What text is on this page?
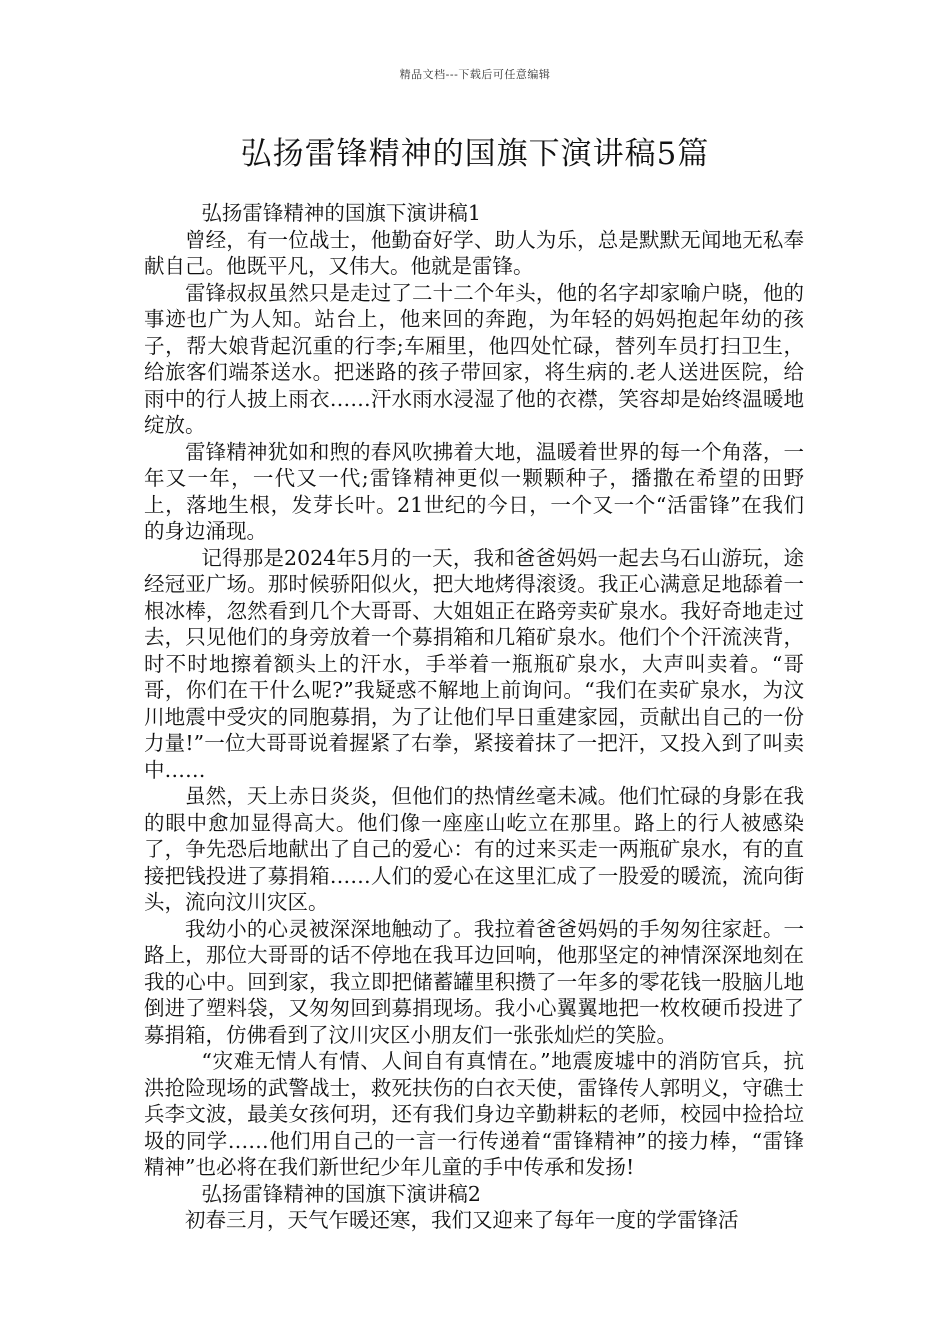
精品文档---下载后可任意编辑
弘扬雷锋精神的国旗下演讲稿5篇

弘扬雷锋精神的国旗下演讲稿1

曾经，有一位战士，他勤奋好学、助人为乐，总是默默无闻地无私奉献自己。他既平凡，又伟大。他就是雷锋。

雷锋叔叔虽然只是走过了二十二个年头，他的名字却家喻户晓，他的事迹也广为人知。站台上，他来回的奔跑，为年轻的妈妈抱起年幼的孩子，帮大娘背起沉重的行李;车厢里，他四处忙碌，替列车员打扫卫生，给旅客们端茶送水。把迷路的孩子带回家，将生病的.老人送进医院，给雨中的行人披上雨衣……汗水雨水浸湿了他的衣襟，笑容却是始终温暖地绽放。

雷锋精神犹如和煦的春风吹拂着大地，温暖着世界的每一个角落，一年又一年，一代又一代;雷锋精神更似一颗颗种子，播撒在希望的田野上，落地生根，发芽长叶。21世纪的今日，一个又一个“活雷锋”在我们的身边涌现。

记得那是2024年5月的一天，我和爸爸妈妈一起去乌石山游玩，途经冠亚广场。那时候骄阳似火，把大地烤得滚烫。我正心满意足地舔着一根冰棒，忽然看到几个大哥哥、大姐姐正在路旁卖矿泉水。我好奇地走过去，只见他们的身旁放着一个募捐箱和几箱矿泉水。他们个个汗流浃背，时不时地擦着额头上的汗水，手举着一瓶瓶矿泉水，大声叫卖着。“哥哥，你们在干什么呢?”我疑惑不解地上前询问。“我们在卖矿泉水，为汶川地震中受灾的同胞募捐，为了让他们早日重建家园，贡献出自己的一份力量!”一位大哥哥说着握紧了右拳，紧接着抹了一把汗，又投入到了叫卖中……

虽然，天上赤日炎炎，但他们的热情丝毫未减。他们忙碌的身影在我的眼中愈加显得高大。他们像一座座山屹立在那里。路上的行人被感染了，争先恐后地献出了自己的爱心：有的过来买走一两瓶矿泉水，有的直接把钱投进了募捐箱……人们的爱心在这里汇成了一股爱的暖流，流向街头，流向汶川灾区。

我幼小的心灵被深深地触动了。我拉着爸爸妈妈的手匆匆往家赶。一路上，那位大哥哥的话不停地在我耳边回响，他那坚定的神情深深地刻在我的心中。回到家，我立即把储蓄罐里积攒了一年多的零花钱一股脑儿地倒进了塑料袋，又匆匆回到募捐现场。我小心翼翼地把一枚枚硬币投进了募捐箱，仿佛看到了汶川灾区小朋友们一张张灿烂的笑脸。

“灾难无情人有情、人间自有真情在。”地震废墟中的消防官兵，抗洪抢险现场的武警战士，救死扶伤的白衣天使，雷锋传人郭明义，守礁士兵李文波，最美女孩何玥，还有我们身边辛勤耕耘的老师，校园中捡拾垃圾的同学……他们用自己的一言一行传递着“雷锋精神”的接力棒，“雷锋精神”也必将在我们新世纪少年儿童的手中传承和发扬!

弘扬雷锋精神的国旗下演讲稿2

初春三月，天气乍暖还寒，我们又迎来了每年一度的学雷锋活
